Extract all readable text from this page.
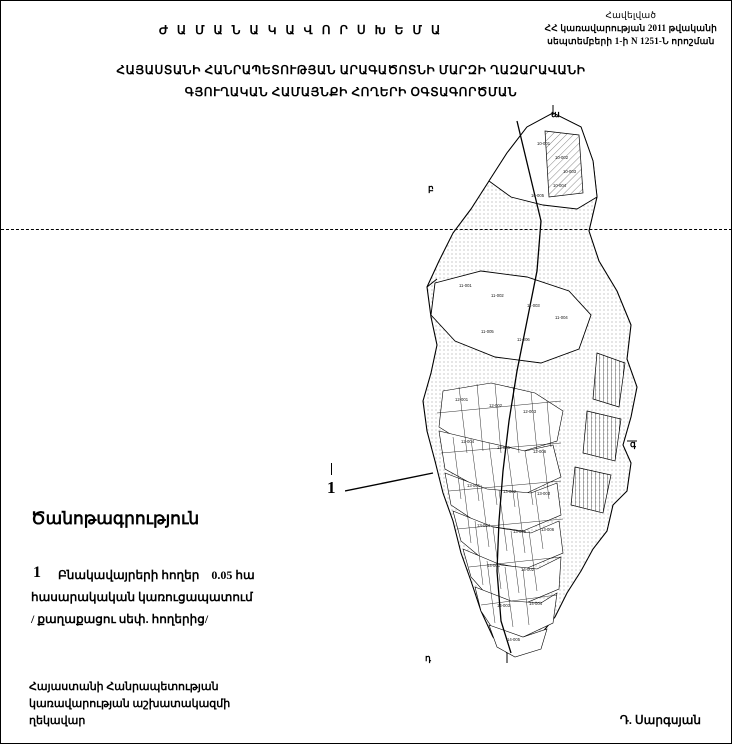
Հավելված
ՀՀ կառավարության 2011 թվականի
սեպտեմբերի 1-ի N 1251-Ն որոշման
Ժ Ա Մ Ա Ն Ա Կ Ա Վ Ո Ր Ս Խ Ե Մ Ա
ՀԱՅԱՍՏԱՆԻ ՀԱՆՐԱՊԵՏՈՒԹՅԱՆ ԱՐԱԳԱԾՈՏՆԻ ՄԱՐԶԻ ՂԱԶԱՐԱՎԱՆԻ
ԳՅՈՒՂԱԿԱՆ ՀԱՄԱՅՆՔԻ ՀՈՂԵՐԻ ՕԳՏԱԳՈՐԾՄԱՆ
10-001
10-002
10-003
10-004
10-005
11-001
11-002
11-003
11-004
11-005
11-006
12-001
12-002
12-003
12-004
12-005
12-006
13-001
13-002	13-003
13-004
13-005	13-006
14-001
14-002
14-003	14-004
14-005
ա
բ
գ
դ
1
Ծանոթագրություն
1 Բնակավայրերի հողեր    0.05 հա
հասարակական կառուցապատում
/ քաղաքացու սեփ. հողերից/
Հայաստանի Հանրապետության
կառավարության աշխատակազմի
ղեկավար	Դ. Սարգսյան
